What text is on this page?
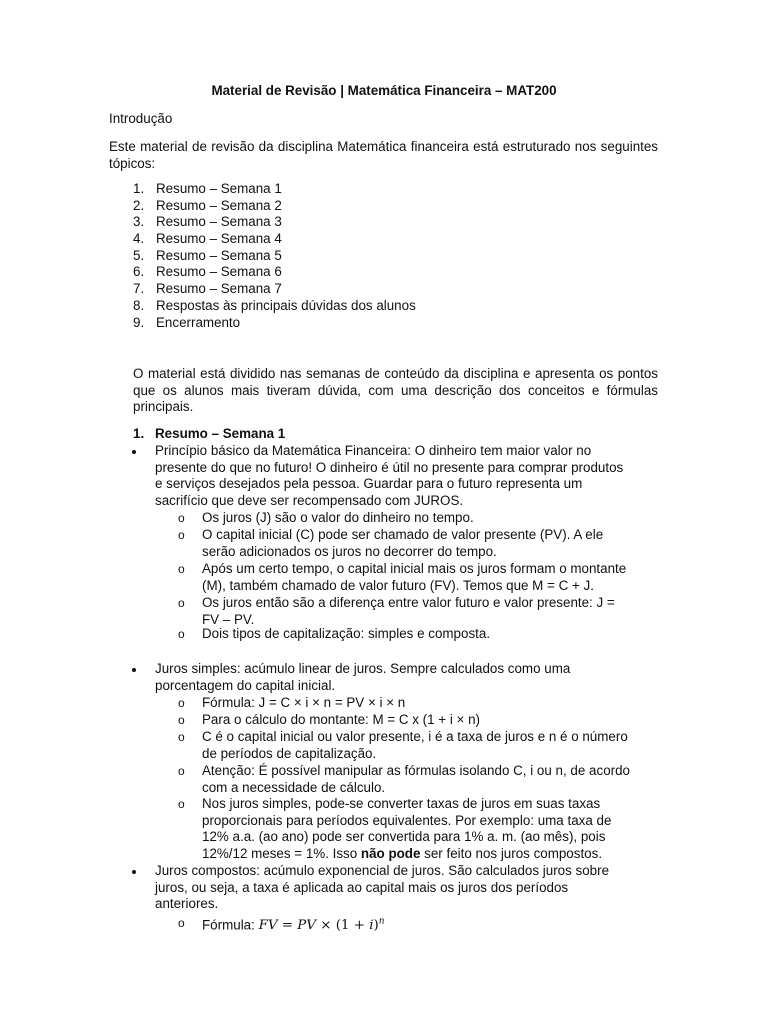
Material de Revisão | Matemática Financeira – MAT200
Introdução
Este material de revisão da disciplina Matemática financeira está estruturado nos seguintes tópicos:
1. Resumo – Semana 1
2. Resumo – Semana 2
3. Resumo – Semana 3
4. Resumo – Semana 4
5. Resumo – Semana 5
6. Resumo – Semana 6
7. Resumo – Semana 7
8. Respostas às principais dúvidas dos alunos
9. Encerramento
O material está dividido nas semanas de conteúdo da disciplina e apresenta os pontos que os alunos mais tiveram dúvida, com uma descrição dos conceitos e fórmulas principais.
1. Resumo – Semana 1
Princípio básico da Matemática Financeira: O dinheiro tem maior valor no
presente do que no futuro! O dinheiro é útil no presente para comprar produtos
e serviços desejados pela pessoa. Guardar para o futuro representa um
sacrifício que deve ser recompensado com JUROS.
o Os juros (J) são o valor do dinheiro no tempo.
o O capital inicial (C) pode ser chamado de valor presente (PV). A ele
serão adicionados os juros no decorrer do tempo.
o Após um certo tempo, o capital inicial mais os juros formam o montante
(M), também chamado de valor futuro (FV). Temos que M = C + J.
o Os juros então são a diferença entre valor futuro e valor presente: J =
FV – PV.
o Dois tipos de capitalização: simples e composta.
Juros simples: acúmulo linear de juros. Sempre calculados como uma
porcentagem do capital inicial.
o Fórmula: J = C × i × n = PV × i × n
o Para o cálculo do montante: M = C x (1 + i × n)
o C é o capital inicial ou valor presente, i é a taxa de juros e n é o número
de períodos de capitalização.
o Atenção: É possível manipular as fórmulas isolando C, i ou n, de acordo
com a necessidade de cálculo.
o Nos juros simples, pode-se converter taxas de juros em suas taxas
proporcionais para períodos equivalentes. Por exemplo: uma taxa de
12% a.a. (ao ano) pode ser convertida para 1% a. m. (ao mês), pois
12%/12 meses = 1%. Isso não pode ser feito nos juros compostos.
Juros compostos: acúmulo exponencial de juros. São calculados juros sobre
juros, ou seja, a taxa é aplicada ao capital mais os juros dos períodos
anteriores.
o Fórmula: FV = PV × $(1 + i)^n$
